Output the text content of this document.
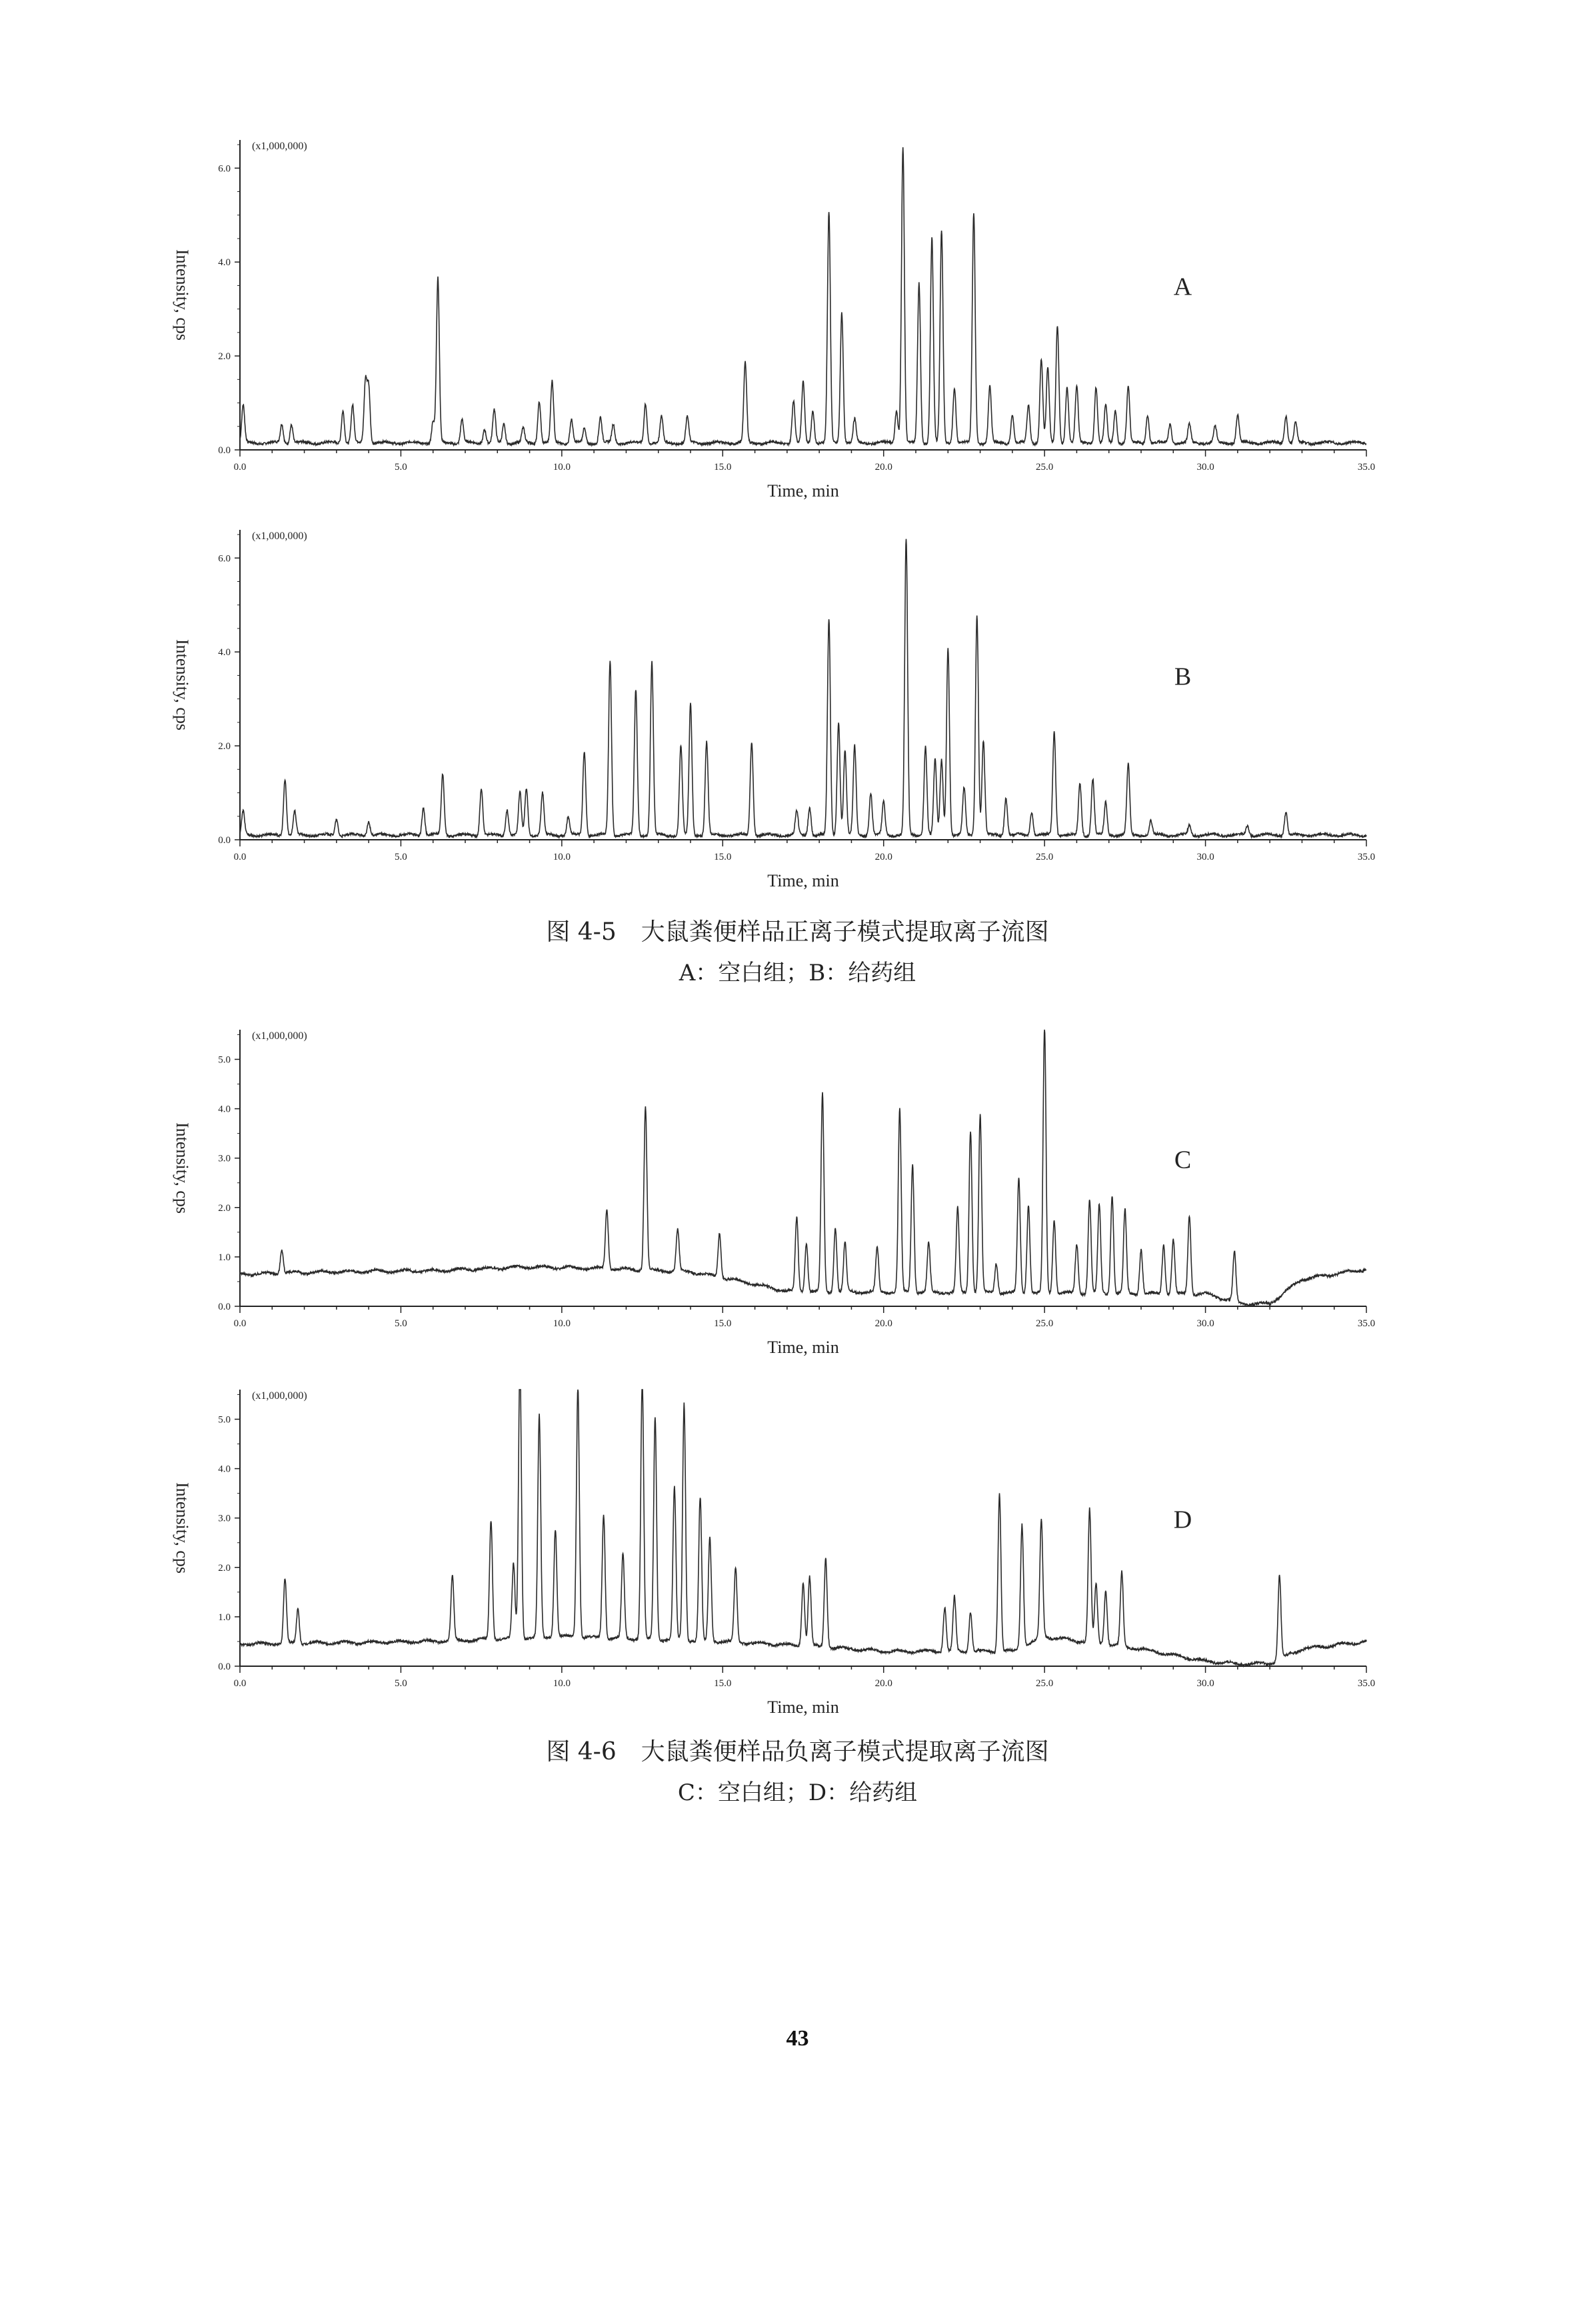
0.0	5.0	10.0	15.0	20.0	25.0	30.0	35.0
0.0
2.0
4.0
6.0
(x1,000,000)
Intensity, cps
Time, min
A
0.0	5.0	10.0	15.0	20.0	25.0	30.0	35.0
0.0
2.0
4.0
6.0
(x1,000,000)
Intensity, cps
Time, min
B
图 4-5 大鼠粪便样品正离子模式提取离子流图
A：空白组；B：给药组
0.0	5.0	10.0	15.0	20.0	25.0	30.0	35.0
0.0
1.0
2.0
3.0
4.0
5.0
(x1,000,000)
Intensity, cps
Time, min
C
0.0	5.0	10.0	15.0	20.0	25.0	30.0	35.0
0.0
1.0
2.0
3.0
4.0
5.0
(x1,000,000)
Intensity, cps
Time, min
D
图 4-6 大鼠粪便样品负离子模式提取离子流图
C：空白组；D：给药组
43
